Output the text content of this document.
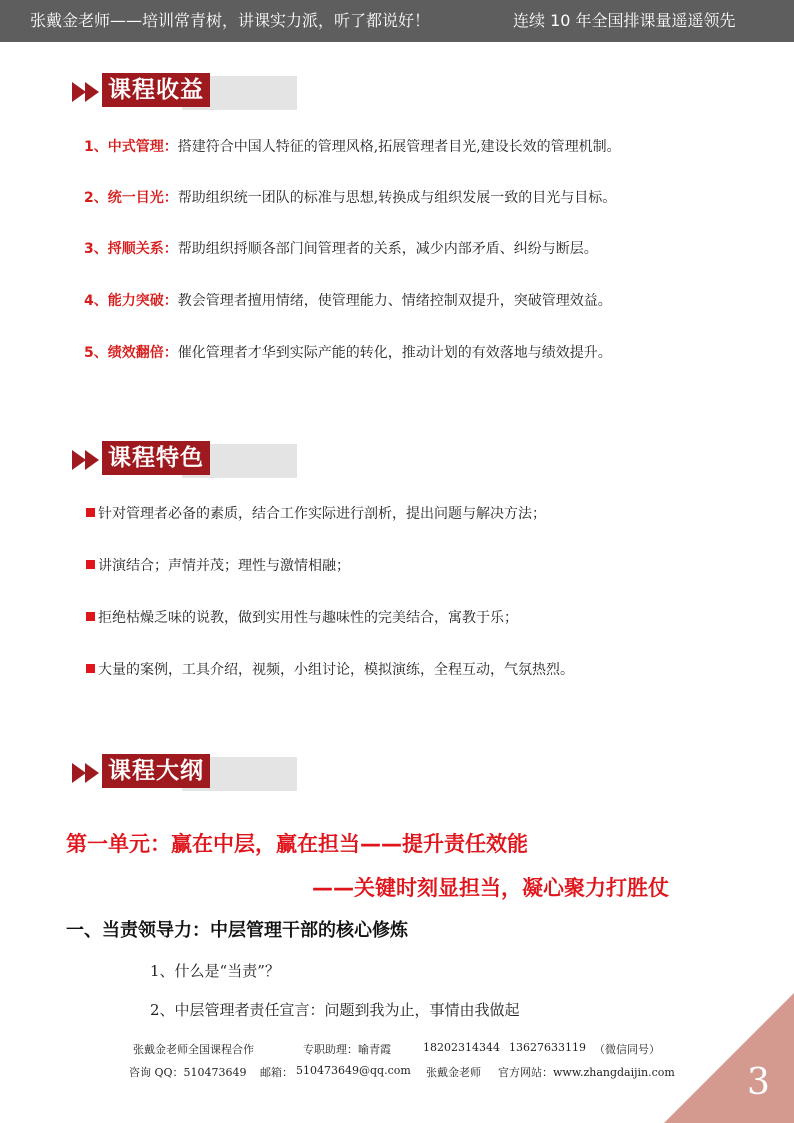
张戴金老师——培训常青树，讲课实力派，听了都说好！	连续 10 年全国排课量遥遥领先
课程收益
1、中式管理：搭建符合中国人特征的管理风格,拓展管理者目光,建设长效的管理机制。
2、统一目光：帮助组织统一团队的标准与思想,转换成与组织发展一致的目光与目标。
3、捋顺关系：帮助组织捋顺各部门间管理者的关系，减少内部矛盾、纠纷与断层。
4、能力突破：教会管理者擅用情绪，使管理能力、情绪控制双提升，突破管理效益。
5、绩效翻倍：催化管理者才华到实际产能的转化，推动计划的有效落地与绩效提升。
课程特色
针对管理者必备的素质，结合工作实际进行剖析，提出问题与解决方法；
讲演结合；声情并茂；理性与激情相融；
拒绝枯燥乏味的说教，做到实用性与趣味性的完美结合，寓教于乐；
大量的案例，工具介绍，视频，小组讨论，模拟演练，全程互动，气氛热烈。
课程大纲
第一单元：赢在中层，赢在担当——提升责任效能
——关键时刻显担当，凝心聚力打胜仗
一、当责领导力：中层管理干部的核心修炼
1、什么是“当责”？
2、中层管理者责任宣言：问题到我为止，事情由我做起
张戴金老师全国课程合作	专职助理：喻青霞	18202314344 13627633119 （微信同号）
咨询 QQ：510473649 邮箱： 510473649@qq.com 张戴金老师 官方网站：www.zhangdaijin.com 3
